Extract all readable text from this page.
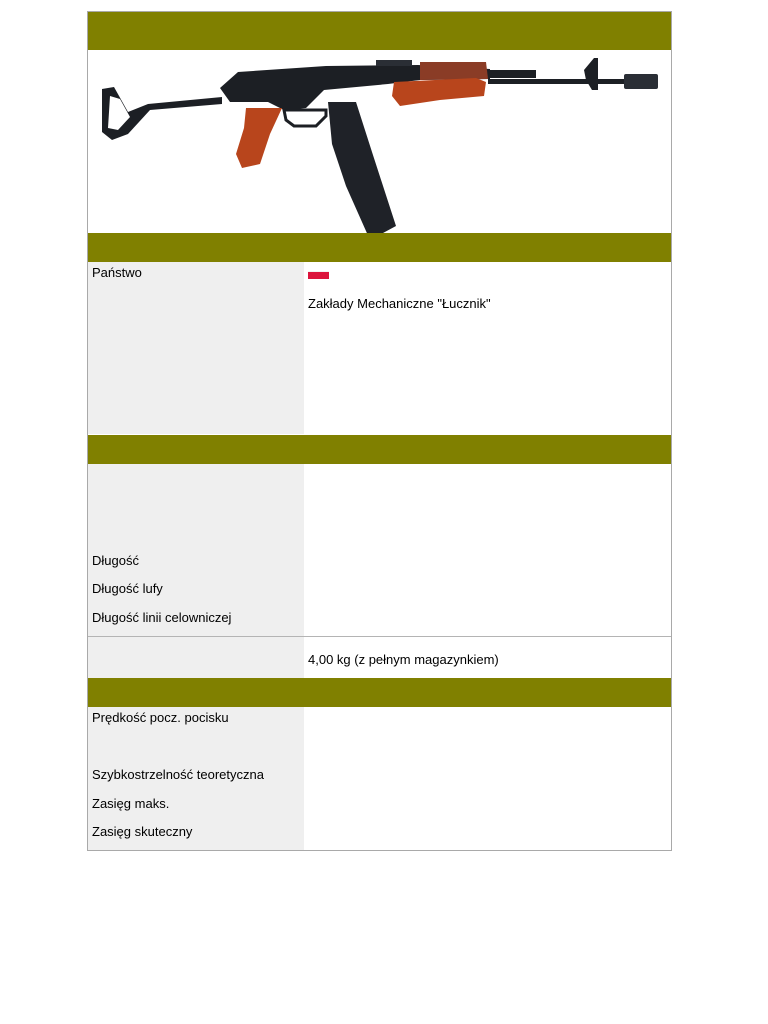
Państwo
Zakłady Mechaniczne "Łucznik"
Długość
Długość lufy
Długość linii celowniczej
4,00 kg (z pełnym magazynkiem)
Prędkość pocz. pocisku
Szybkostrzelność teoretyczna
Zasięg maks.
Zasięg skuteczny
